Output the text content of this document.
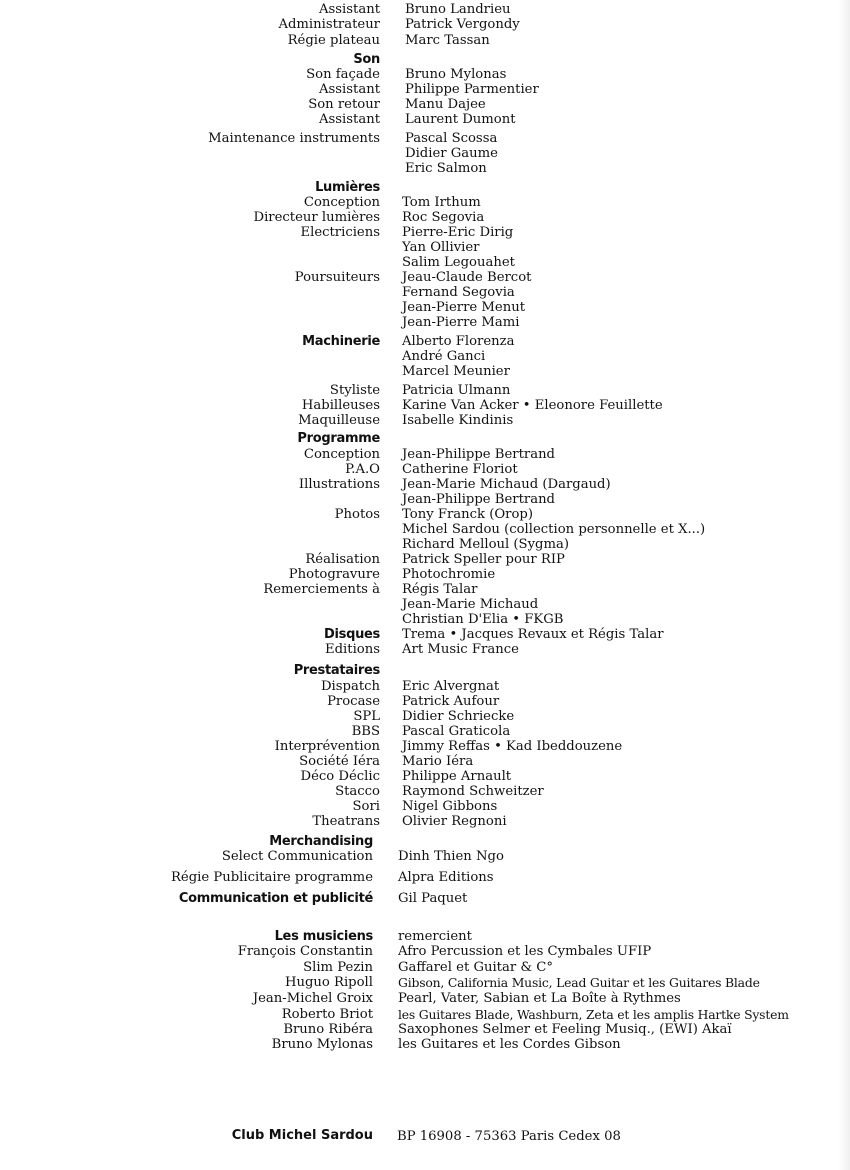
Assistant Bruno Landrieu
Administrateur Patrick Vergondy
Régie plateau Marc Tassan
Son
Son façade Bruno Mylonas
Assistant Philippe Parmentier
Son retour Manu Dajee
Assistant Laurent Dumont
Maintenance instruments Pascal Scossa
Didier Gaume
Eric Salmon
Lumières
Conception Tom Irthum
Directeur lumières Roc Segovia
Electriciens Pierre-Eric Dirig
Yan Ollivier
Salim Legouahet
Poursuiteurs Jeau-Claude Bercot
Fernand Segovia
Jean-Pierre Menut
Jean-Pierre Mami
Machinerie Alberto Florenza
André Ganci
Marcel Meunier
Styliste Patricia Ulmann
Habilleuses Karine Van Acker • Eleonore Feuillette
Maquilleuse Isabelle Kindinis
Programme
Conception Jean-Philippe Bertrand
P.A.O Catherine Floriot
Illustrations Jean-Marie Michaud (Dargaud)
Jean-Philippe Bertrand
Photos Tony Franck (Orop)
Michel Sardou (collection personnelle et X...)
Richard Melloul (Sygma)
Réalisation Patrick Speller pour RIP
Photogravure Photochromie
Remerciements à Régis Talar
Jean-Marie Michaud
Christian D'Elia • FKGB
Disques Trema • Jacques Revaux et Régis Talar
Editions Art Music France
Prestataires
Dispatch Eric Alvergnat
Procase Patrick Aufour
SPL Didier Schriecke
BBS Pascal Graticola
Interprévention Jimmy Reffas • Kad Ibeddouzene
Société Iéra Mario Iéra
Déco Déclic Philippe Arnault
Stacco Raymond Schweitzer
Sori Nigel Gibbons
Theatrans Olivier Regnoni
Merchandising
Select Communication Dinh Thien Ngo
Régie Publicitaire programme Alpra Editions
Communication et publicité Gil Paquet
Les musiciens remercient
François Constantin Afro Percussion et les Cymbales UFIP
Slim Pezin Gaffarel et Guitar & C°
Huguo Ripoll Gibson, California Music, Lead Guitar et les Guitares Blade
Jean-Michel Groix Pearl, Vater, Sabian et La Boîte à Rythmes
Roberto Briot les Guitares Blade, Washburn, Zeta et les amplis Hartke System
Bruno Ribéra Saxophones Selmer et Feeling Musiq., (EWI) Akaï
Bruno Mylonas les Guitares et les Cordes Gibson
Club Michel Sardou BP 16908 - 75363 Paris Cedex 08
